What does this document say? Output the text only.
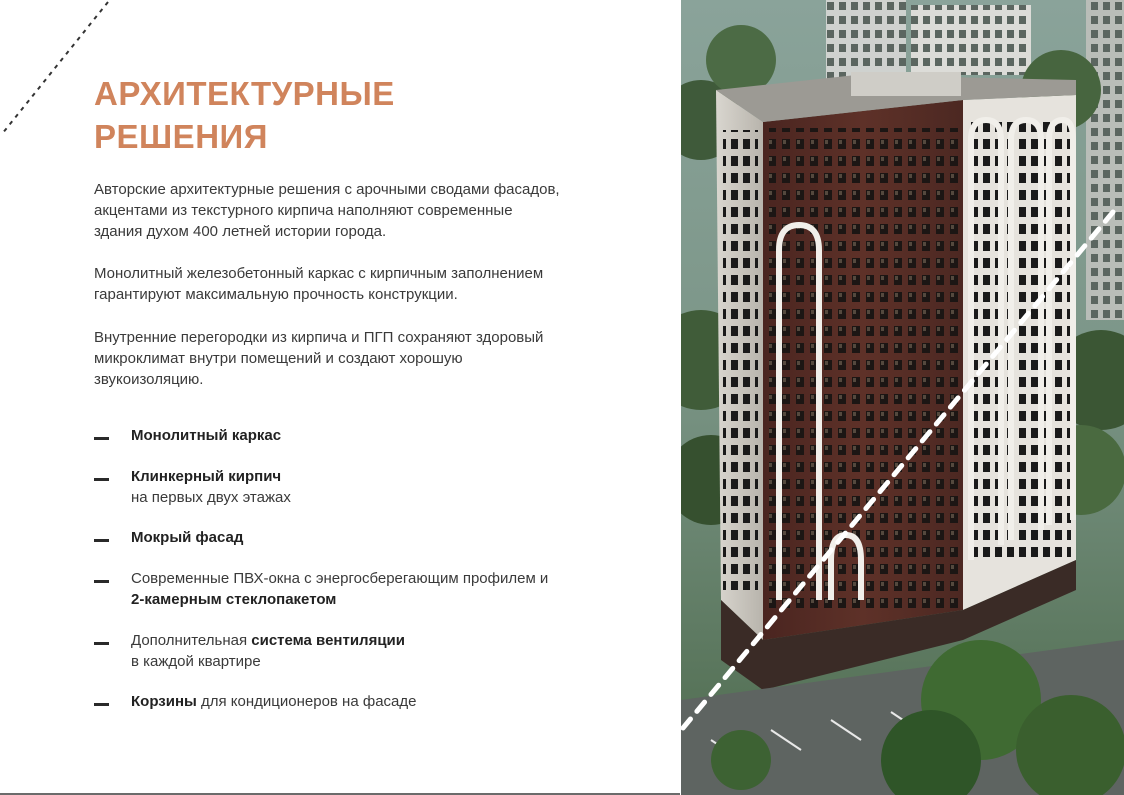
АРХИТЕКТУРНЫЕ
РЕШЕНИЯ

Авторские архитектурные решения с арочными сводами фасадов, акцентами из текстурного кирпича наполняют современные здания духом 400 летней истории города.

Монолитный железобетонный каркас с кирпичным заполнением гарантируют максимальную прочность конструкции.

Внутренние перегородки из кирпича и ПГП сохраняют здоровый микроклимат внутри помещений и создают хорошую звукоизоляцию.

Монолитный каркас
Клинкерный кирпич
на первых двух этажах
Мокрый фасад
Современные ПВХ-окна с энергосберегающим профилем и 2-камерным стеклопакетом
Дополнительная система вентиляции
в каждой квартире
Корзины для кондиционеров на фасаде
